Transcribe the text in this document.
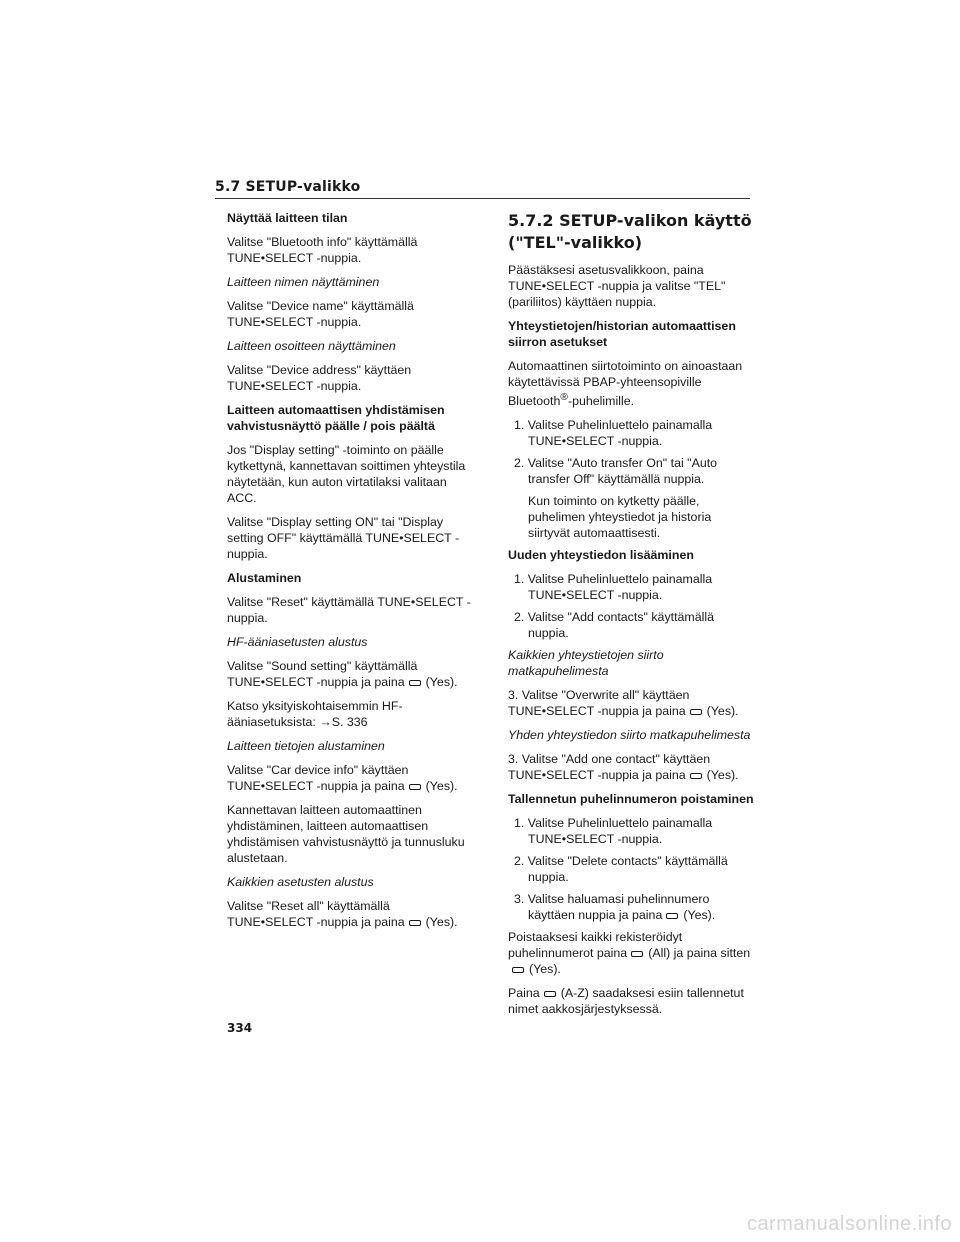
5.7 SETUP-valikko
Näyttää laitteen tilan
Valitse "Bluetooth info" käyttämällä TUNE•SELECT -nuppia.
Laitteen nimen näyttäminen
Valitse "Device name" käyttämällä TUNE•SELECT -nuppia.
Laitteen osoitteen näyttäminen
Valitse "Device address" käyttäen TUNE•SELECT -nuppia.
Laitteen automaattisen yhdistämisen vahvistusnäyttö päälle / pois päältä
Jos "Display setting" -toiminto on päälle kytkettynä, kannettavan soittimen yhteystila näytetään, kun auton virtatilaksi valitaan ACC.
Valitse "Display setting ON" tai "Display setting OFF" käyttämällä TUNE•SELECT -nuppia.
Alustaminen
Valitse "Reset" käyttämällä TUNE•SELECT -nuppia.
HF-ääniasetusten alustus
Valitse "Sound setting" käyttämällä TUNE•SELECT -nuppia ja paina (Yes).
Katso yksityiskohtaisemmin HF-ääniasetuksista: →S. 336
Laitteen tietojen alustaminen
Valitse "Car device info" käyttäen TUNE•SELECT -nuppia ja paina (Yes).
Kannettavan laitteen automaattinen yhdistäminen, laitteen automaattisen yhdistämisen vahvistusnäyttö ja tunnusluku alustetaan.
Kaikkien asetusten alustus
Valitse "Reset all" käyttämällä TUNE•SELECT -nuppia ja paina (Yes).
5.7.2 SETUP-valikon käyttö ("TEL"-valikko)
Päästäksesi asetusvalikkoon, paina TUNE•SELECT -nuppia ja valitse "TEL" (pariliitos) käyttäen nuppia.
Yhteystietojen/historian automaattisen siirron asetukset
Automaattinen siirtotoiminto on ainoastaan käytettävissä PBAP-yhteensopiville Bluetooth®-puhelimille.
1. Valitse Puhelinluettelo painamalla TUNE•SELECT -nuppia.
2. Valitse "Auto transfer On" tai "Auto transfer Off" käyttämällä nuppia.
Kun toiminto on kytketty päälle, puhelimen yhteystiedot ja historia siirtyvät automaattisesti.
Uuden yhteystiedon lisääminen
1. Valitse Puhelinluettelo painamalla TUNE•SELECT -nuppia.
2. Valitse "Add contacts" käyttämällä nuppia.
Kaikkien yhteystietojen siirto matkapuhelimesta
3. Valitse "Overwrite all" käyttäen TUNE•SELECT -nuppia ja paina (Yes).
Yhden yhteystiedon siirto matkapuhelimesta
3. Valitse "Add one contact" käyttäen TUNE•SELECT -nuppia ja paina (Yes).
Tallennetun puhelinnumeron poistaminen
1. Valitse Puhelinluettelo painamalla TUNE•SELECT -nuppia.
2. Valitse "Delete contacts" käyttämällä nuppia.
3. Valitse haluamasi puhelinnumero käyttäen nuppia ja paina (Yes).
Poistaaksesi kaikki rekisteröidyt puhelinnumerot paina (All) ja paina sitten(Yes).
Paina (A-Z) saadaksesi esiin tallennetut nimet aakkosjärjestyksessä.
334
carmanualsonline.info
